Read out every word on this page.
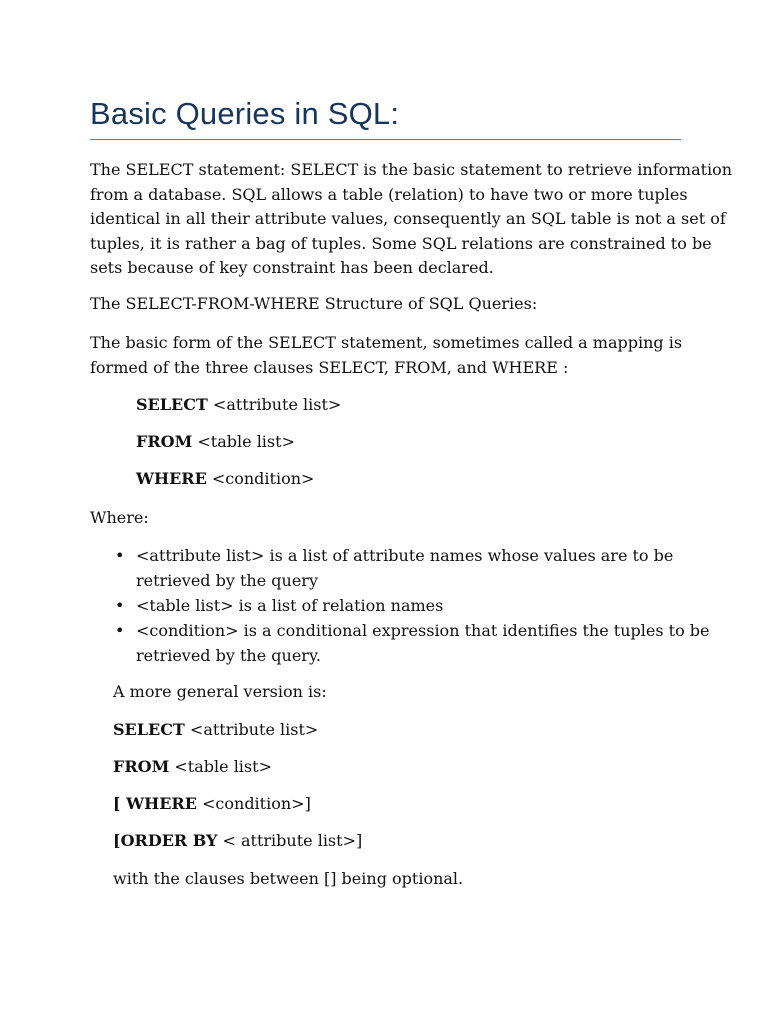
Basic Queries in SQL:
The SELECT statement: SELECT is the basic statement to retrieve information
from a database. SQL allows a table (relation) to have two or more tuples
identical in all their attribute values, consequently an SQL table is not a set of
tuples, it is rather a bag of tuples. Some SQL relations are constrained to be
sets because of key constraint has been declared.
The SELECT-FROM-WHERE Structure of SQL Queries:
The basic form of the SELECT statement, sometimes called a mapping is
formed of the three clauses SELECT, FROM, and WHERE :
SELECT <attribute list>
FROM <table list>
WHERE <condition>
Where:
• <attribute list> is a list of attribute names whose values are to be
retrieved by the query
• <table list> is a list of relation names
• <condition> is a conditional expression that identifies the tuples to be
retrieved by the query.
A more general version is:
SELECT <attribute list>
FROM <table list>
[ WHERE <condition>]
[ORDER BY < attribute list>]
with the clauses between [] being optional.
